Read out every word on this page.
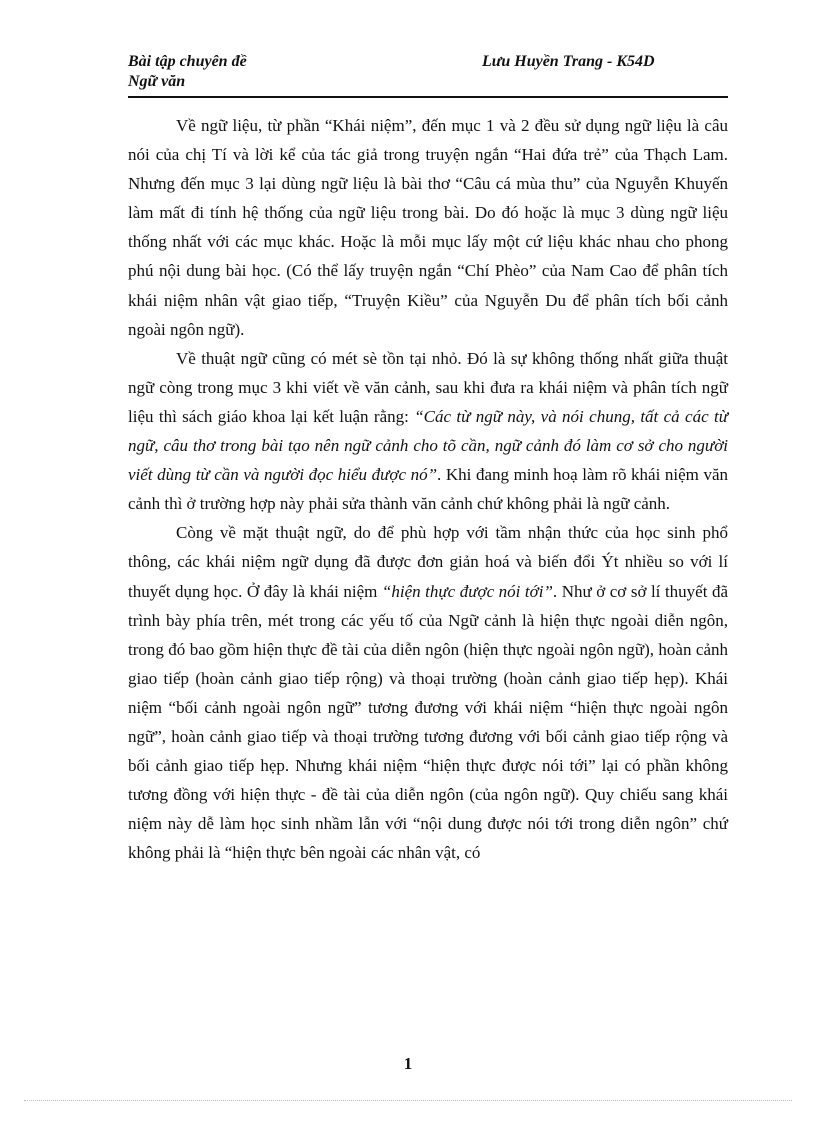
Bài tập chuyên đề
Ngữ văn
Lưu Huyền Trang - K54D

Về ngữ liệu, từ phần “Khái niệm”, đến mục 1 và 2 đều sử dụng ngữ liệu là câu nói của chị Tí và lời kể của tác giả trong truyện ngắn “Hai đứa trẻ” của Thạch Lam. Nhưng đến mục 3 lại dùng ngữ liệu là bài thơ “Câu cá mùa thu” của Nguyễn Khuyến làm mất đi tính hệ thống của ngữ liệu trong bài. Do đó hoặc là mục 3 dùng ngữ liệu thống nhất với các mục khác. Hoặc là mỗi mục lấy một cứ liệu khác nhau cho phong phú nội dung bài học. (Có thể lấy truyện ngắn “Chí Phèo” của Nam Cao để phân tích khái niệm nhân vật giao tiếp, “Truyện Kiều” của Nguyễn Du để phân tích bối cảnh ngoài ngôn ngữ).

Về thuật ngữ cũng có mét sè tồn tại nhỏ. Đó là sự không thống nhất giữa thuật ngữ còng trong mục 3 khi viết về văn cảnh, sau khi đưa ra khái niệm và phân tích ngữ liệu thì sách giáo khoa lại kết luận rằng: “Các từ ngữ này, và nói chung, tất cả các từ ngữ, câu thơ trong bài tạo nên ngữ cảnh cho tõ cần, ngữ cảnh đó làm cơ sở cho người viết dùng từ cần và người đọc hiểu được nó”. Khi đang minh hoạ làm rõ khái niệm văn cảnh thì ở trường hợp này phải sửa thành văn cảnh chứ không phải là ngữ cảnh.

Còng về mặt thuật ngữ, do để phù hợp với tầm nhận thức của học sinh phổ thông, các khái niệm ngữ dụng đã được đơn giản hoá và biến đổi Ýt nhiều so với lí thuyết dụng học. Ở đây là khái niệm “hiện thực được nói tới”. Như ở cơ sở lí thuyết đã trình bày phía trên, mét trong các yếu tố của Ngữ cảnh là hiện thực ngoài diễn ngôn, trong đó bao gồm hiện thực đề tài của diễn ngôn (hiện thực ngoài ngôn ngữ), hoàn cảnh giao tiếp (hoàn cảnh giao tiếp rộng) và thoại trường (hoàn cảnh giao tiếp hẹp). Khái niệm “bối cảnh ngoài ngôn ngữ” tương đương với khái niệm “hiện thực ngoài ngôn ngữ”, hoàn cảnh giao tiếp và thoại trường tương đương với bối cảnh giao tiếp rộng và bối cảnh giao tiếp hẹp. Nhưng khái niệm “hiện thực được nói tới” lại có phần không tương đồng với hiện thực - đề tài của diễn ngôn (của ngôn ngữ). Quy chiếu sang khái niệm này dễ làm học sinh nhầm lẫn với “nội dung được nói tới trong diễn ngôn” chứ không phải là “hiện thực bên ngoài các nhân vật, có

1
